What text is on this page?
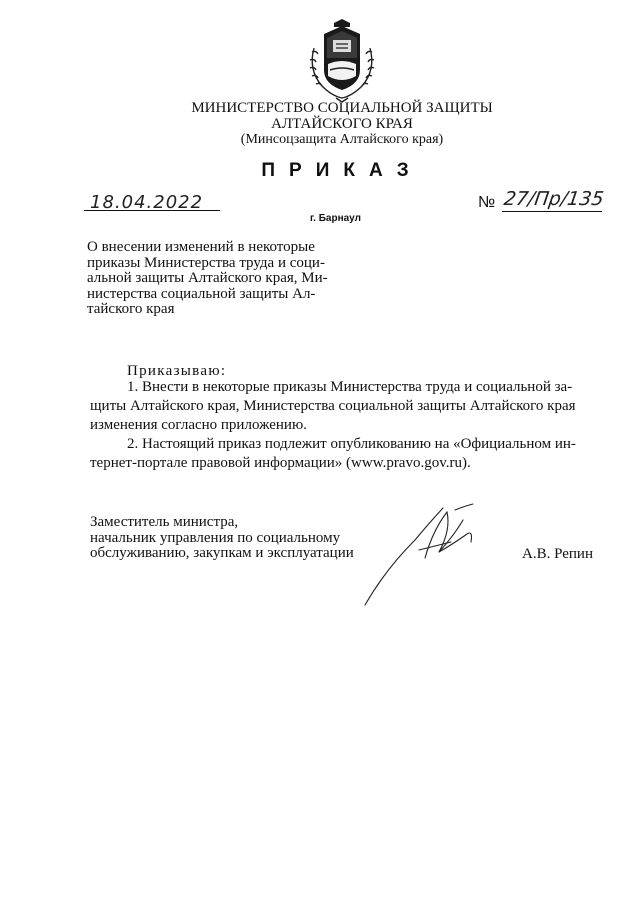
МИНИСТЕРСТВО СОЦИАЛЬНОЙ ЗАЩИТЫ
АЛТАЙСКОГО КРАЯ
(Минсоцзащита Алтайского края)
ПРИКАЗ
18.04.2022
г. Барнаул
№ 27/Пр/135
О внесении изменений в некоторые
приказы Министерства труда и соци-
альной защиты Алтайского края, Ми-
нистерства социальной защиты Ал-
тайского края
Приказываю:
1. Внести в некоторые приказы Министерства труда и социальной за-
щиты Алтайского края, Министерства социальной защиты Алтайского края
изменения согласно приложению.
2. Настоящий приказ подлежит опубликованию на «Официальном ин-
тернет-портале правовой информации» (www.pravo.gov.ru).
Заместитель министра,
начальник управления по социальному
обслуживанию, закупкам и эксплуатации	А.В. Репин
